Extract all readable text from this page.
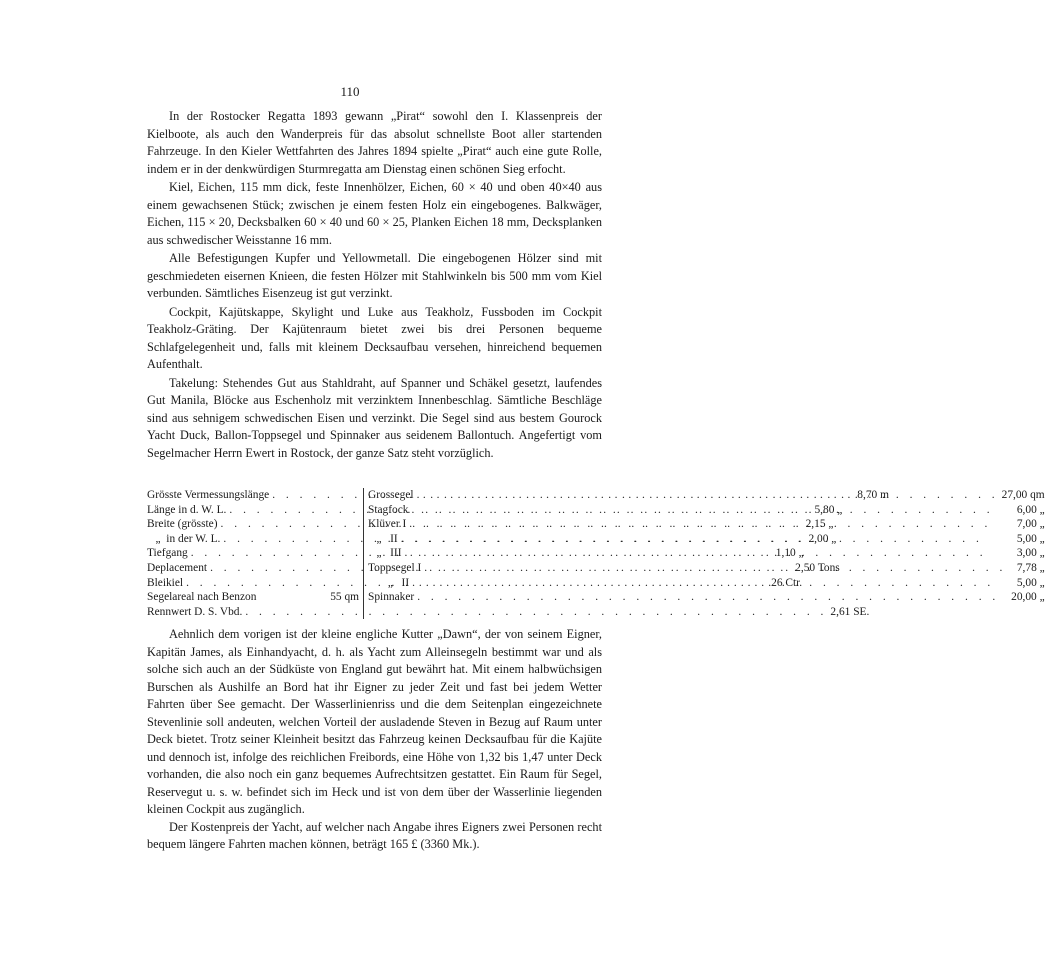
110

In der Rostocker Regatta 1893 gewann „Pirat“ sowohl den I. Klassenpreis der Kielboote, als auch den Wanderpreis für das absolut schnellste Boot aller startenden Fahrzeuge. In den Kieler Wettfahrten des Jahres 1894 spielte „Pirat“ auch eine gute Rolle, indem er in der denkwürdigen Sturmregatta am Dienstag einen schönen Sieg erfocht.

Kiel, Eichen, 115 mm dick, feste Innenhölzer, Eichen, 60 × 40 und oben 40×40 aus einem gewachsenen Stück; zwischen je einem festen Holz ein eingebogenes. Balkwäger, Eichen, 115 × 20, Decksbalken 60 × 40 und 60 × 25, Planken Eichen 18 mm, Decksplanken aus schwedischer Weisstanne 16 mm.

Alle Befestigungen Kupfer und Yellowmetall. Die eingebogenen Hölzer sind mit geschmiedeten eisernen Knieen, die festen Hölzer mit Stahlwinkeln bis 500 mm vom Kiel verbunden. Sämtliches Eisenzeug ist gut verzinkt.

Cockpit, Kajütskappe, Skylight und Luke aus Teakholz, Fussboden im Cockpit Teakholz-Gräting. Der Kajütenraum bietet zwei bis drei Personen bequeme Schlafgelegenheit und, falls mit kleinem Decksaufbau versehen, hinreichend bequemen Aufenthalt.

Takelung: Stehendes Gut aus Stahldraht, auf Spanner und Schäkel gesetzt, laufendes Gut Manila, Blöcke aus Eschenholz mit verzinktem Innenbeschlag. Sämtliche Beschläge sind aus sehnigem schwedischen Eisen und verzinkt. Die Segel sind aus bestem Gourock Yacht Duck, Ballon-Toppsegel und Spinnaker aus seidenem Ballontuch. Angefertigt vom Segelmacher Herrn Ewert in Rostock, der ganze Satz steht vorzüglich.

Grösste Vermessungslänge . . .	8,70 m
Länge in d. W. L. . . .	5,80 „
Breite (grösste) . . .	2,15 „
„  in der W. L. . . .	2,00 „
Tiefgang . . .	1,10 „
Deplacement . . .	2,50 Tons
Bleikiel . . .	26 Ctr.
Segelareal nach Benzon	55 qm
Rennwert D. S. Vbd. . . .	2,61 SE.
Grossegel . . .	27,00 qm
Stagfock . . .	6,00 „
Klüver I . . .	7,00 „
„   II . . .	5,00 „
„   III . . .	3,00 „
Toppsegel I . . .	7,78 „
„   II . . .	5,00 „
Spinnaker . . .	20,00 „

Aehnlich dem vorigen ist der kleine engliche Kutter „Dawn“, der von seinem Eigner, Kapitän James, als Einhandyacht, d. h. als Yacht zum Alleinsegeln bestimmt war und als solche sich auch an der Südküste von England gut bewährt hat. Mit einem halbwüchsigen Burschen als Aushilfe an Bord hat ihr Eigner zu jeder Zeit und fast bei jedem Wetter Fahrten über See gemacht. Der Wasserlinienriss und die dem Seitenplan eingezeichnete Stevenlinie soll andeuten, welchen Vorteil der ausladende Steven in Bezug auf Raum unter Deck bietet. Trotz seiner Kleinheit besitzt das Fahrzeug keinen Decksaufbau für die Kajüte und dennoch ist, infolge des reichlichen Freibords, eine Höhe von 1,32 bis 1,47 unter Deck vorhanden, die also noch ein ganz bequemes Aufrechtsitzen gestattet. Ein Raum für Segel, Reservegut u. s. w. befindet sich im Heck und ist von dem über der Wasserlinie liegenden kleinen Cockpit aus zugänglich.

Der Kostenpreis der Yacht, auf welcher nach Angabe ihres Eigners zwei Personen recht bequem längere Fahrten machen können, beträgt 165 £ (3360 Mk.).
